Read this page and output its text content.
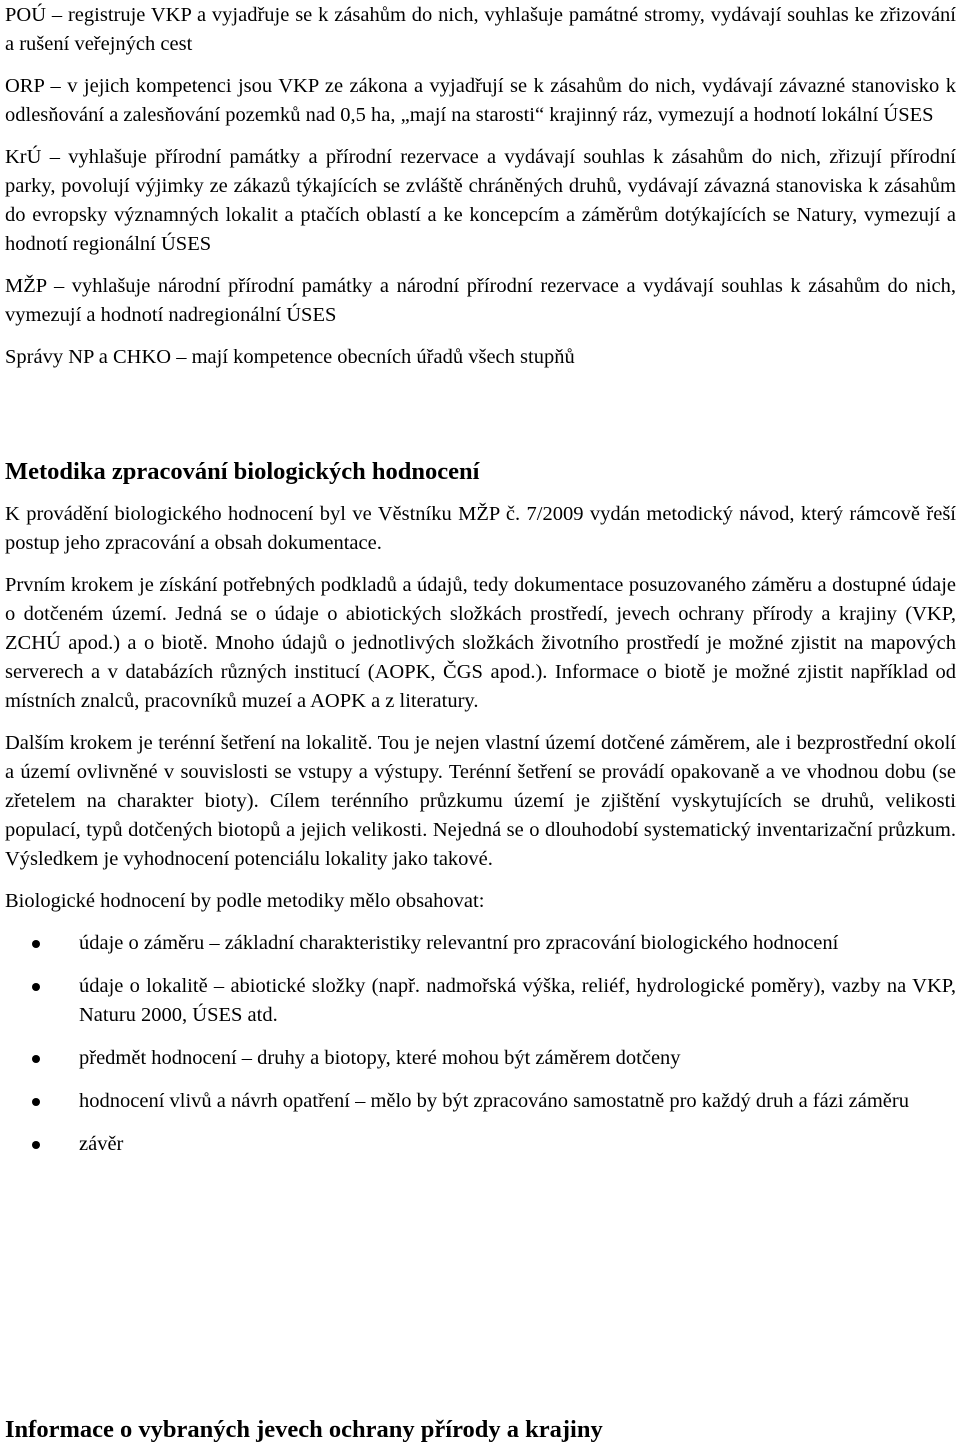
POÚ – registruje VKP a vyjadřuje se k zásahům do nich, vyhlašuje památné stromy, vydávají souhlas ke zřizování a rušení veřejných cest

ORP – v jejich kompetenci jsou VKP ze zákona a vyjadřují se k zásahům do nich, vydávají závazné stanovisko k odlesňování a zalesňování pozemků nad 0,5 ha, „mají na starosti“ krajinný ráz, vymezují a hodnotí lokální ÚSES

KrÚ – vyhlašuje přírodní památky a přírodní rezervace a vydávají souhlas k zásahům do nich, zřizují přírodní parky, povolují výjimky ze zákazů týkajících se zvláště chráněných druhů, vydávají závazná stanoviska k zásahům do evropsky významných lokalit a ptačích oblastí a ke koncepcím a záměrům dotýkajících se Natury, vymezují a hodnotí regionální ÚSES

MŽP – vyhlašuje národní přírodní památky a národní přírodní rezervace a vydávají souhlas k zásahům do nich, vymezují a hodnotí nadregionální ÚSES

Správy NP a CHKO – mají kompetence obecních úřadů všech stupňů

Metodika zpracování biologických hodnocení

K provádění biologického hodnocení byl ve Věstníku MŽP č. 7/2009 vydán metodický návod, který rámcově řeší postup jeho zpracování a obsah dokumentace.

Prvním krokem je získání potřebných podkladů a údajů, tedy dokumentace posuzovaného záměru a dostupné údaje o dotčeném území. Jedná se o údaje o abiotických složkách prostředí, jevech ochrany přírody a krajiny (VKP, ZCHÚ apod.) a o biotě. Mnoho údajů o jednotlivých složkách životního prostředí je možné zjistit na mapových serverech a v databázích různých institucí (AOPK, ČGS apod.). Informace o biotě je možné zjistit například od místních znalců, pracovníků muzeí a AOPK a z literatury.

Dalším krokem je terénní šetření na lokalitě. Tou je nejen vlastní území dotčené záměrem, ale i bezprostřední okolí a území ovlivněné v souvislosti se vstupy a výstupy. Terénní šetření se provádí opakovaně a ve vhodnou dobu (se zřetelem na charakter bioty). Cílem terénního průzkumu území je zjištění vyskytujících se druhů, velikosti populací, typů dotčených biotopů a jejich velikosti. Nejedná se o dlouhodobí systematický inventarizační průzkum. Výsledkem je vyhodnocení potenciálu lokality jako takové.

Biologické hodnocení by podle metodiky mělo obsahovat:

údaje o záměru – základní charakteristiky relevantní pro zpracování biologického hodnocení
údaje o lokalitě – abiotické složky (např. nadmořská výška, reliéf, hydrologické poměry), vazby na VKP, Naturu 2000, ÚSES atd.
předmět hodnocení – druhy a biotopy, které mohou být záměrem dotčeny
hodnocení vlivů a návrh opatření – mělo by být zpracováno samostatně pro každý druh a fázi záměru
závěr
Informace o vybraných jevech ochrany přírody a krajiny
